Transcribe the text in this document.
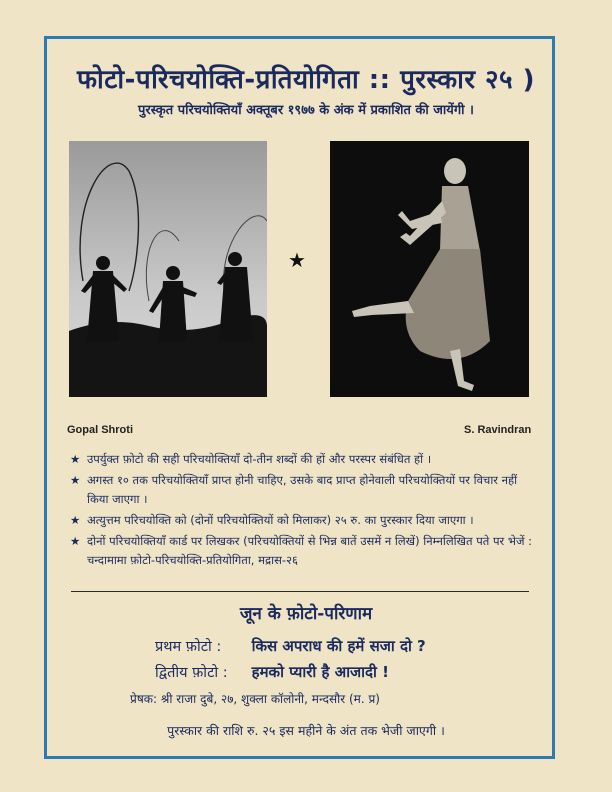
फोटो-परिचयोक्ति-प्रतियोगिता :: पुरस्कार २५ )
पुरस्कृत परिचयोक्तियाँ अक्तूबर १९७७ के अंक में प्रकाशित की जायेंगी ।
★
Gopal Shroti	S. Ravindran
★ उपर्युक्त फ़ोटो की सही परिचयोक्तियाँ दो-तीन शब्दों की हों और परस्पर संबंधित हों ।
★ अगस्त १० तक परिचयोक्तियाँ प्राप्त होनी चाहिए, उसके बाद प्राप्त होनेवाली परिचयोक्तियों पर विचार नहीं किया जाएगा ।
★ अत्युत्तम परिचयोक्ति को (दोनों परिचयोक्तियों को मिलाकर) २५ रु. का पुरस्कार दिया जाएगा ।
★ दोनों परिचयोक्तियाँ कार्ड पर लिखकर (परिचयोक्तियों से भिन्न बातें उसमें न लिखें) निम्नलिखित पते पर भेजें : चन्दामामा फ़ोटो-परिचयोक्ति-प्रतियोगिता, मद्रास-२६
जून के फ़ोटो-परिणाम
प्रथम फ़ोटो : किस अपराध की हमें सजा दो ?
द्वितीय फ़ोटो : हमको प्यारी है आजादी !
प्रेषक: श्री राजा दुबे, २७, शुक्ला कॉलोनी, मन्दसौर (म. प्र)
पुरस्कार की राशि रु. २५ इस महीने के अंत तक भेजी जाएगी ।
